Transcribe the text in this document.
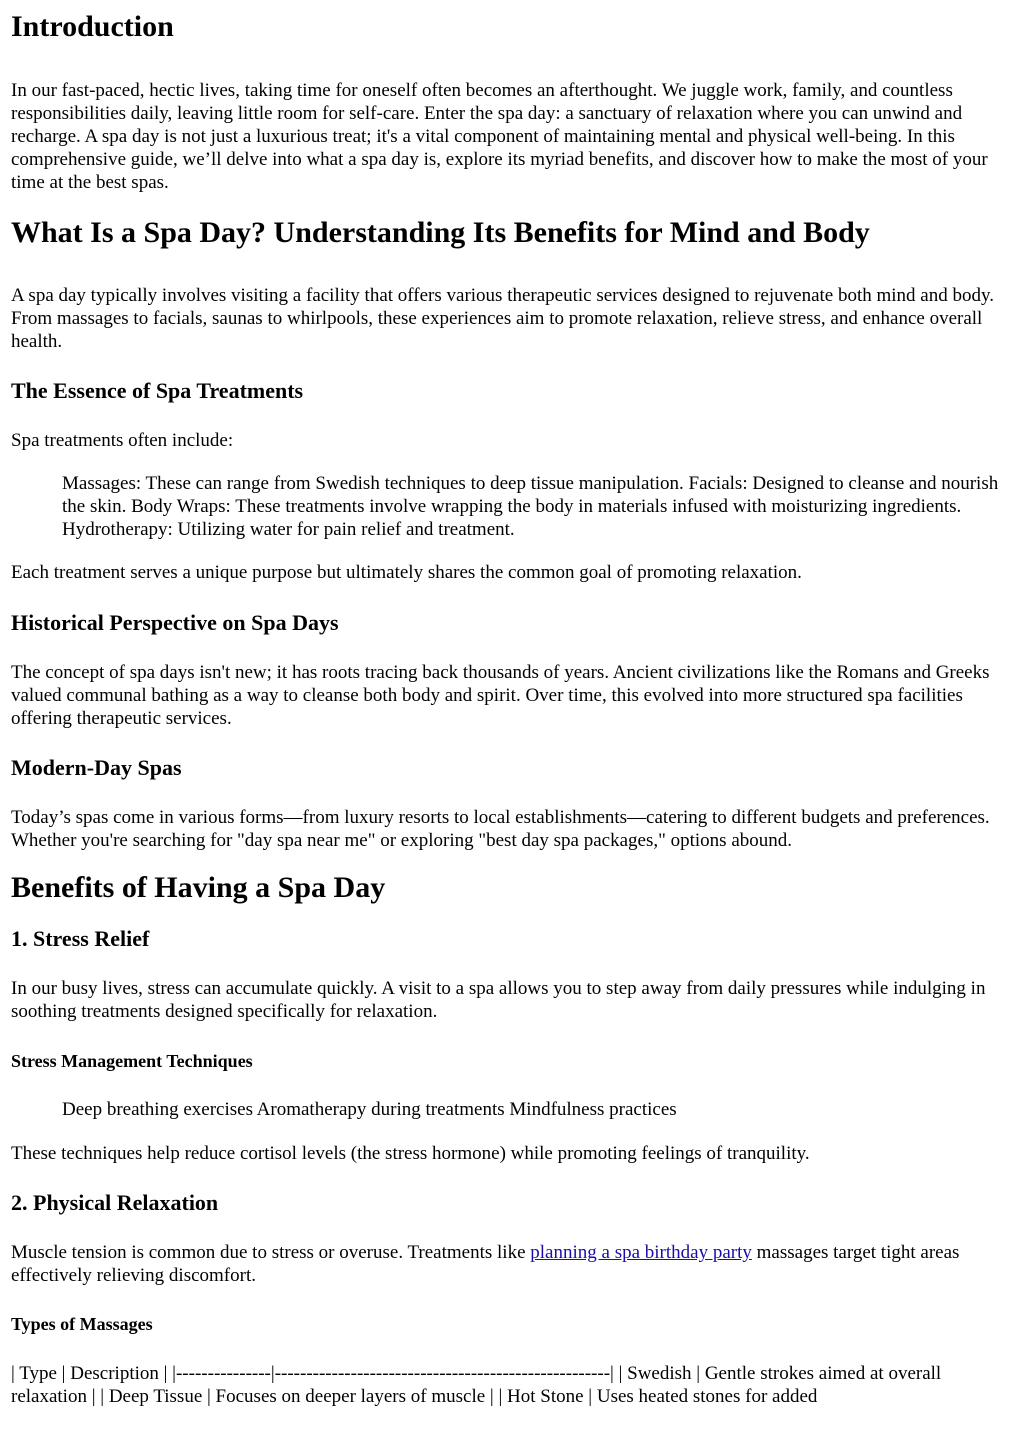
Introduction

In our fast-paced, hectic lives, taking time for oneself often becomes an afterthought. We juggle work, family, and countless responsibilities daily, leaving little room for self-care. Enter the spa day: a sanctuary of relaxation where you can unwind and recharge. A spa day is not just a luxurious treat; it's a vital component of maintaining mental and physical well-being. In this comprehensive guide, we’ll delve into what a spa day is, explore its myriad benefits, and discover how to make the most of your time at the best spas.

What Is a Spa Day? Understanding Its Benefits for Mind and Body

A spa day typically involves visiting a facility that offers various therapeutic services designed to rejuvenate both mind and body. From massages to facials, saunas to whirlpools, these experiences aim to promote relaxation, relieve stress, and enhance overall health.

The Essence of Spa Treatments

Spa treatments often include:

Massages: These can range from Swedish techniques to deep tissue manipulation. Facials: Designed to cleanse and nourish the skin. Body Wraps: These treatments involve wrapping the body in materials infused with moisturizing ingredients. Hydrotherapy: Utilizing water for pain relief and treatment.

Each treatment serves a unique purpose but ultimately shares the common goal of promoting relaxation.

Historical Perspective on Spa Days

The concept of spa days isn't new; it has roots tracing back thousands of years. Ancient civilizations like the Romans and Greeks valued communal bathing as a way to cleanse both body and spirit. Over time, this evolved into more structured spa facilities offering therapeutic services.

Modern-Day Spas

Today’s spas come in various forms—from luxury resorts to local establishments—catering to different budgets and preferences. Whether you're searching for "day spa near me" or exploring "best day spa packages," options abound.

Benefits of Having a Spa Day
1. Stress Relief

In our busy lives, stress can accumulate quickly. A visit to a spa allows you to step away from daily pressures while indulging in soothing treatments designed specifically for relaxation.

Stress Management Techniques
Deep breathing exercises Aromatherapy during treatments Mindfulness practices

These techniques help reduce cortisol levels (the stress hormone) while promoting feelings of tranquility.

2. Physical Relaxation

Muscle tension is common due to stress or overuse. Treatments like planning a spa birthday party massages target tight areas effectively relieving discomfort.

Types of Massages

| Type | Description | |---------------|-----------------------------------------------------| | Swedish | Gentle strokes aimed at overall relaxation | | Deep Tissue | Focuses on deeper layers of muscle | | Hot Stone | Uses heated stones for added
